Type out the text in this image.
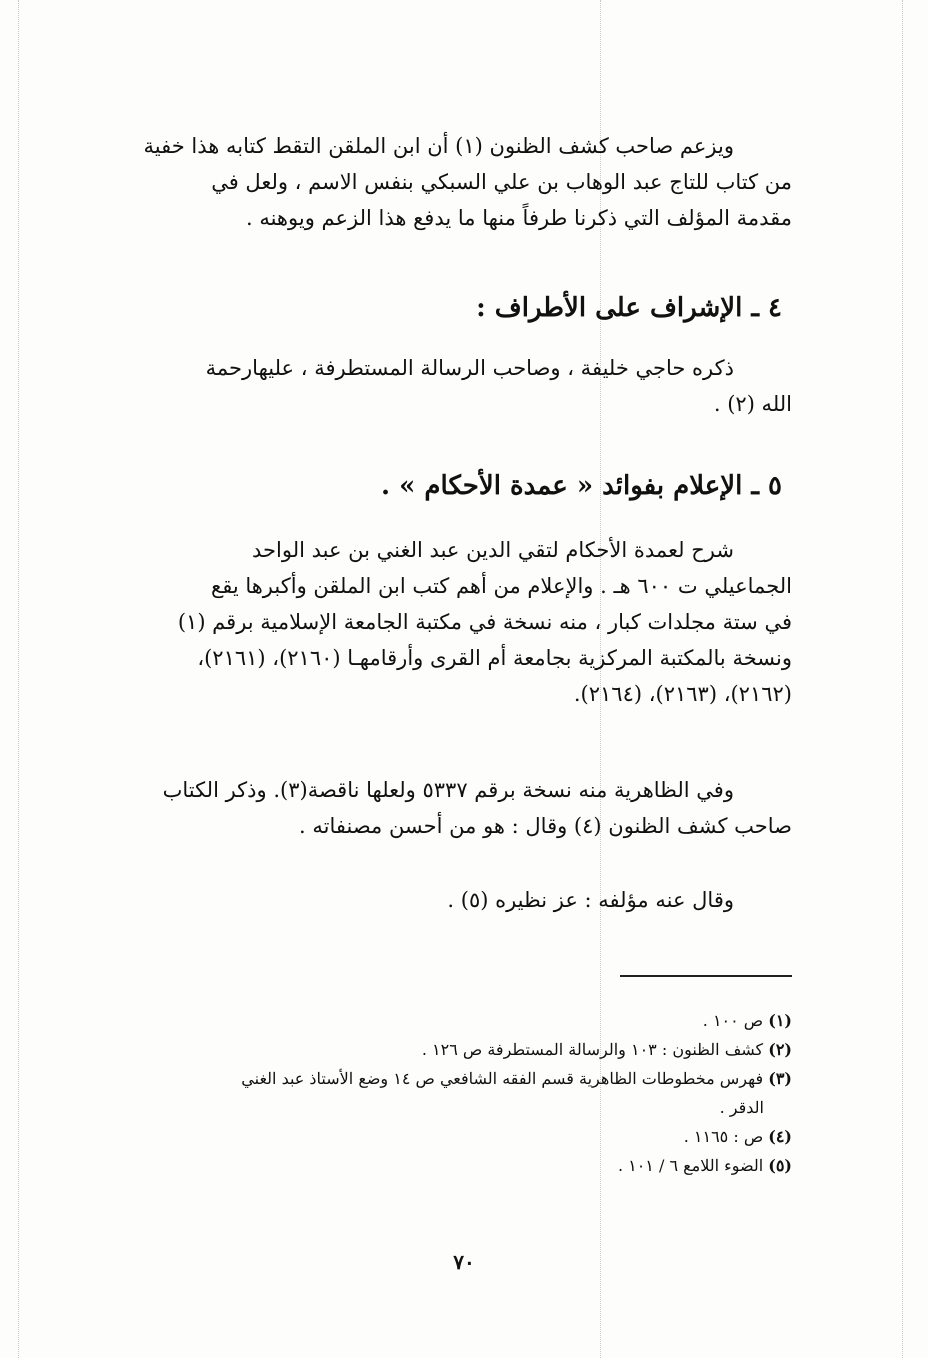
ويزعم صاحب كشف الظنون (١) أن ابن الملقن التقط كتابه هذا خفية
من كتاب للتاج عبد الوهاب بن علي السبكي بنفس الاسم ، ولعل في
مقدمة المؤلف التي ذكرنا طرفاً منها ما يدفع هذا الزعم ويوهنه .
٤ ـ الإشراف على الأطراف :
ذكره حاجي خليفة ، وصاحب الرسالة المستطرفة ، عليهارحمة
الله (٢) .
٥ ـ الإعلام بفوائد « عمدة الأحكام » .
شرح لعمدة الأحكام لتقي الدين عبد الغني بن عبد الواحد
الجماعيلي ت ٦٠٠ هـ . والإعلام من أهم كتب ابن الملقن وأكبرها يقع
في ستة مجلدات كبار ، منه نسخة في مكتبة الجامعة الإسلامية برقم (١)
ونسخة بالمكتبة المركزية بجامعة أم القرى وأرقامهـا (٢١٦٠)، (٢١٦١)،
(٢١٦٢)، (٢١٦٣)، (٢١٦٤).
وفي الظاهرية منه نسخة برقم ٥٣٣٧ ولعلها ناقصة(٣). وذكر الكتاب
صاحب كشف الظنون (٤) وقال : هو من أحسن مصنفاته .
وقال عنه مؤلفه : عز نظيره (٥) .
(١) ص ١٠٠ .
(٢) كشف الظنون : ١٠٣ والرسالة المستطرفة ص ١٢٦ .
(٣) فهرس مخطوطات الظاهرية قسم الفقه الشافعي ص ١٤ وضع الأستاذ عبد الغني
الدقر .
(٤) ص : ١١٦٥ .
(٥) الضوء اللامع ٦ / ١٠١ .
٧٠
